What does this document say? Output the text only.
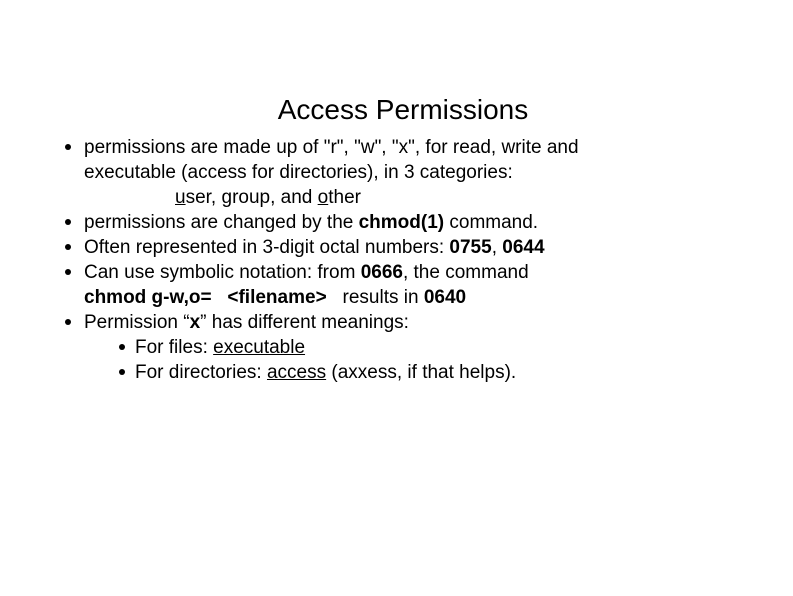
Access Permissions
permissions are made up of "r", "w", "x", for read, write and
executable (access for directories), in 3 categories:
user, group, and other
permissions are changed by the chmod(1) command.
Often represented in 3-digit octal numbers: 0755, 0644
Can use symbolic notation: from 0666, the command
chmod g-w,o=   <filename>   results in 0640
Permission “x” has different meanings:
For files: executable
For directories: access (axxess, if that helps).
